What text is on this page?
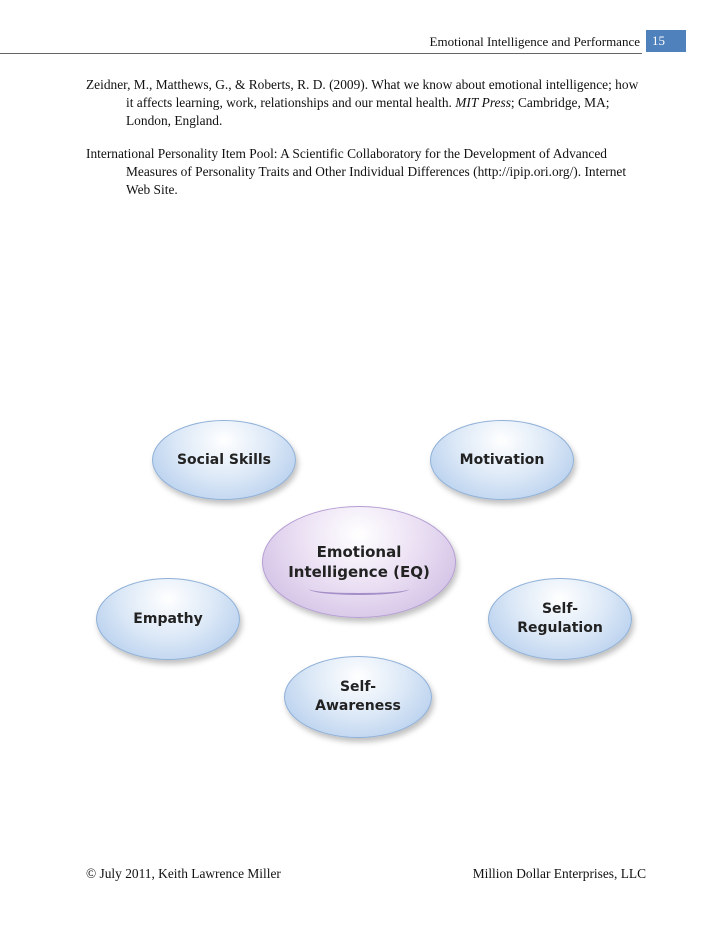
Emotional Intelligence and Performance 15

Zeidner, M., Matthews, G., & Roberts, R. D. (2009). What we know about emotional intelligence; how it affects learning, work, relationships and our mental health. MIT Press; Cambridge, MA; London, England.

International Personality Item Pool: A Scientific Collaboratory for the Development of Advanced Measures of Personality Traits and Other Individual Differences (http://ipip.ori.org/). Internet Web Site.

Social Skills	Motivation
Emotional
Intelligence (EQ)
Empathy
Self-
Regulation
Self-
Awareness
© July 2011, Keith Lawrence Miller	Million Dollar Enterprises, LLC
